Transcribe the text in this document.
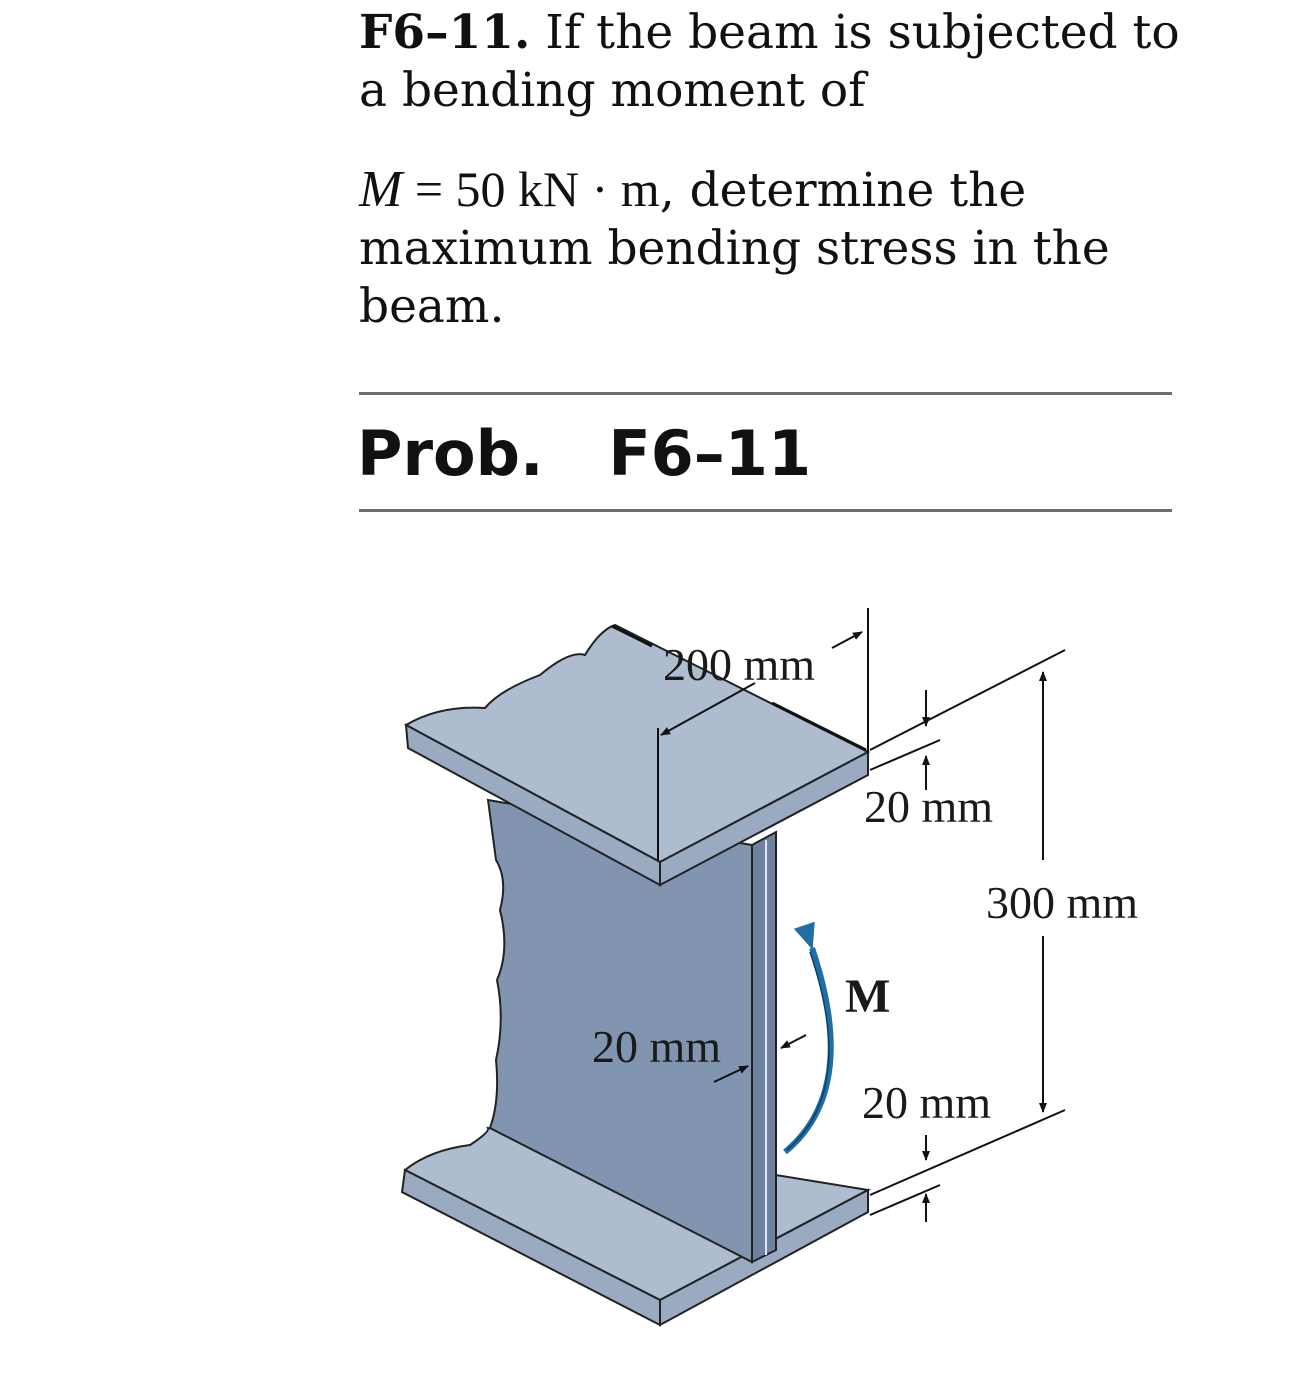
F6–11. If the beam is subjected to a bending moment of

M = 50 kN · m, determine the maximum bending stress in the beam.

Prob. F6–11

200 mm
20 mm
300 mm
20 mm
20 mm
M
